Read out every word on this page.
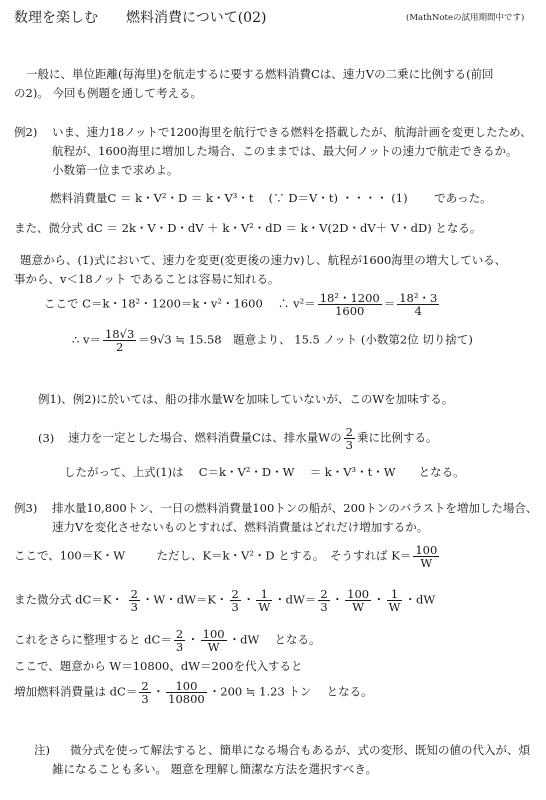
数理を楽しむ　　燃料消費について(02)	(MathNoteの試用期間中です)
一般に、単位距離(毎海里)を航走するに要する燃料消費Cは、速力Vの二乗に比例する(前回
の2)。 今回も例題を通して考える。
例2) いま、速力18ノットで1200海里を航行できる燃料を搭載したが、航海計画を変更したため、
航程が、1600海里に増加した場合、このままでは、最大何ノットの速力で航走できるか。
小数第一位まで求めよ。
燃料消費量C ＝ k・V²・D ＝ k・V³・t　 (∵ D＝V・t) ・・・・ (1)　　 であった。
また、微分式 dC ＝ 2k・V・D・dV ＋ k・V²・dD ＝ k・V(2D・dV＋ V・dD) となる。
題意から、(1)式において、速力を変更(変更後の速力v)し、航程が1600海里の増大している、
事から、v＜18ノット であることは容易に知れる。
ここで C＝k・18²・1200＝k・v²・1600　 ∴ $v^2= \frac{\text{18²・1200}}{1600} = \frac{\text{18²・3}}{4}$
∴ $v= \frac{18√3}{2} =9√3$ ≒ 15.58　題意より、 15.5 ノット (小数第2位 切り捨て)
例1)、例2)に於いては、船の排水量Wを加味していないが、このWを加味する。
(3) 速力を一定とした場合、燃料消費量Cは、排水量Wの $\frac{2}{3}$ 乗に比例する。
したがって、上式(1)は　 C＝k・V²・D・W　 ＝ k・V³・t・W　　となる。
例3) 排水量10,800トン、一日の燃料消費量100トンの船が、200トンのバラストを増加した場合、
速力Vを変化させないものとすれば、燃料消費量はどれだけ増加するか。
ここで、100＝K・W	ただし、K＝k・V²・D とする。　そうすれば $K= \frac{100}{W}$
また微分式 dC＝K・ $\frac{2}{3}$ ・W・dW＝K・ $\frac{2}{3}$ ・ $\frac{1}{W}$ ・$dW= \frac{2}{3}$ ・ $\frac{100}{W}$ ・ $\frac{1}{W}$ ・dW
これをさらに整理すると $dC= \frac{2}{3}$ ・ $\frac{100}{W}$ ・dW　 となる。
ここで、題意から W＝10800、dW＝200を代入すると
増加燃料消費量は $dC= \frac{2}{3}$ ・ $\frac{100}{10800}$ ・200 ≒ 1.23 トン　 となる。
注) 微分式を使って解法すると、簡単になる場合もあるが、式の変形、既知の値の代入が、煩
雑になることも多い。 題意を理解し簡潔な方法を選択すべき。
